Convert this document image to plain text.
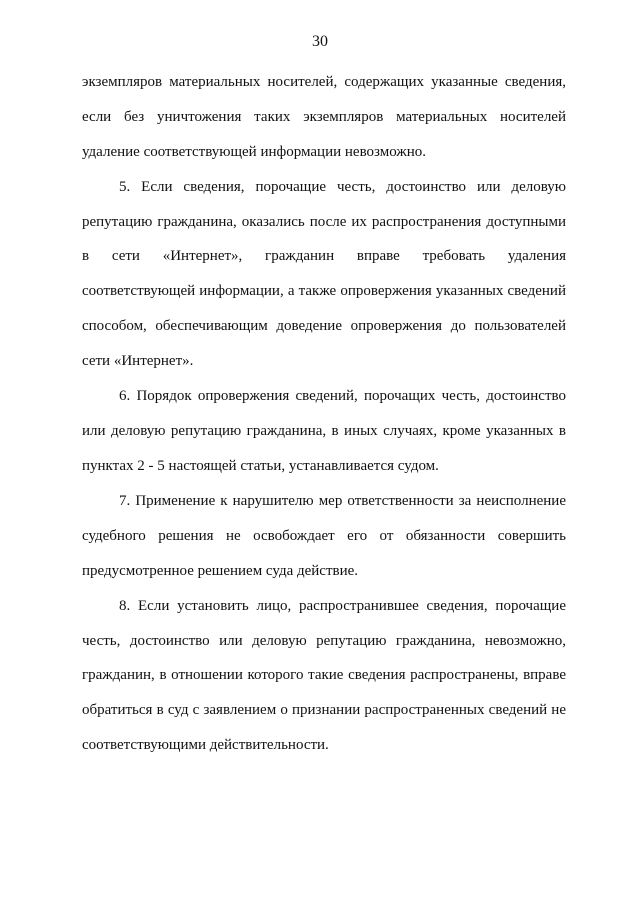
30
экземпляров материальных носителей, содержащих указанные сведения,
если без уничтожения таких экземпляров материальных носителей
удаление соответствующей информации невозможно.
5. Если сведения, порочащие честь, достоинство или деловую
репутацию гражданина, оказались после их распространения доступными
в сети «Интернет», гражданин вправе требовать удаления
соответствующей информации, а также опровержения указанных сведений
способом, обеспечивающим доведение опровержения до пользователей
сети «Интернет».
6. Порядок опровержения сведений, порочащих честь, достоинство
или деловую репутацию гражданина, в иных случаях, кроме указанных в
пунктах 2 - 5 настоящей статьи, устанавливается судом.
7. Применение к нарушителю мер ответственности за неисполнение
судебного решения не освобождает его от обязанности совершить
предусмотренное решением суда действие.
8. Если установить лицо, распространившее сведения, порочащие
честь, достоинство или деловую репутацию гражданина, невозможно,
гражданин, в отношении которого такие сведения распространены, вправе
обратиться в суд с заявлением о признании распространенных сведений не
соответствующими действительности.
